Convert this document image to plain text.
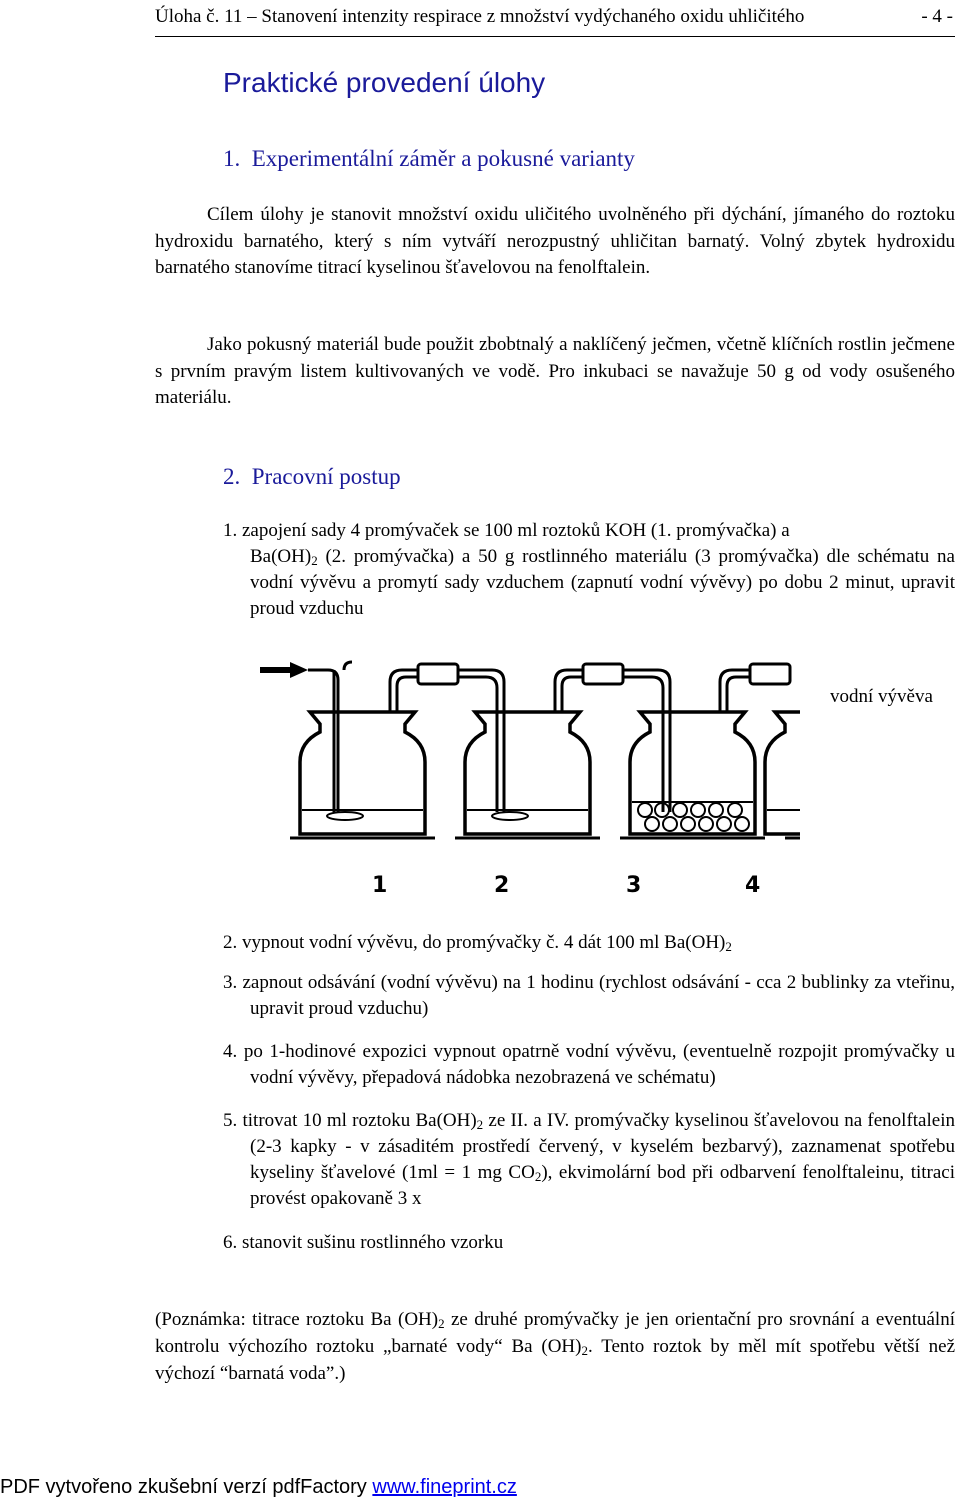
Úloha č. 11 – Stanovení intenzity respirace z množství vydýchaného oxidu uhličitého	- 4 -
Praktické provedení úlohy
1. Experimentální záměr a pokusné varianty

Cílem úlohy je stanovit množství oxidu uličitého uvolněného při dýchání, jímaného do roztoku hydroxidu barnatého, který s ním vytváří nerozpustný uhličitan barnatý. Volný zbytek hydroxidu barnatého stanovíme titrací kyselinou šťavelovou na fenolftalein.

Jako pokusný materiál bude použit zbobtnalý a naklíčený ječmen, včetně klíčních rostlin ječmene s prvním pravým listem kultivovaných ve vodě. Pro inkubaci se navažuje 50 g od vody osušeného materiálu.

2. Pracovní postup
1. zapojení sady 4 promývaček se 100 ml roztoků KOH (1. promývačka) a
$Ba(OH)_2$ (2. promývačka) a 50 g rostlinného materiálu (3 promývačka) dle schématu na vodní vývěvu a promytí sady vzduchem (zapnutí vodní vývěvy) po dobu 2 minut, upravit proud vzduchu
vodní vývěva
1	2	3	4
2. vypnout vodní vývěvu, do promývačky č. 4 dát 100 ml $Ba(OH)_2$
3. zapnout odsávání (vodní vývěvu) na 1 hodinu (rychlost odsávání - cca 2 bublinky za vteřinu, upravit proud vzduchu)
4. po 1-hodinové expozici vypnout opatrně vodní vývěvu, (eventuelně rozpojit promývačky u vodní vývěvy, přepadová nádobka nezobrazená ve schématu)
5. titrovat 10 ml roztoku $Ba(OH)_2$ ze II. a IV. promývačky kyselinou šťavelovou na fenolftalein (2-3 kapky - v zásaditém prostředí červený, v kyselém bezbarvý), zaznamenat spotřebu kyseliny šťavelové (1ml = 1 mg $CO_2$), ekvimolární bod při odbarvení fenolftaleinu, titraci provést opakovaně 3 x
6. stanovit sušinu rostlinného vzorku
(Poznámka: titrace roztoku Ba $(OH)_2$ ze druhé promývačky je jen orientační pro srovnání a eventuální kontrolu výchozího roztoku „barnaté vody“ Ba $(OH)_2$. Tento roztok by měl mít spotřebu větší než výchozí “barnatá voda”.)
PDF vytvořeno zkušební verzí pdfFactory www.fineprint.cz
